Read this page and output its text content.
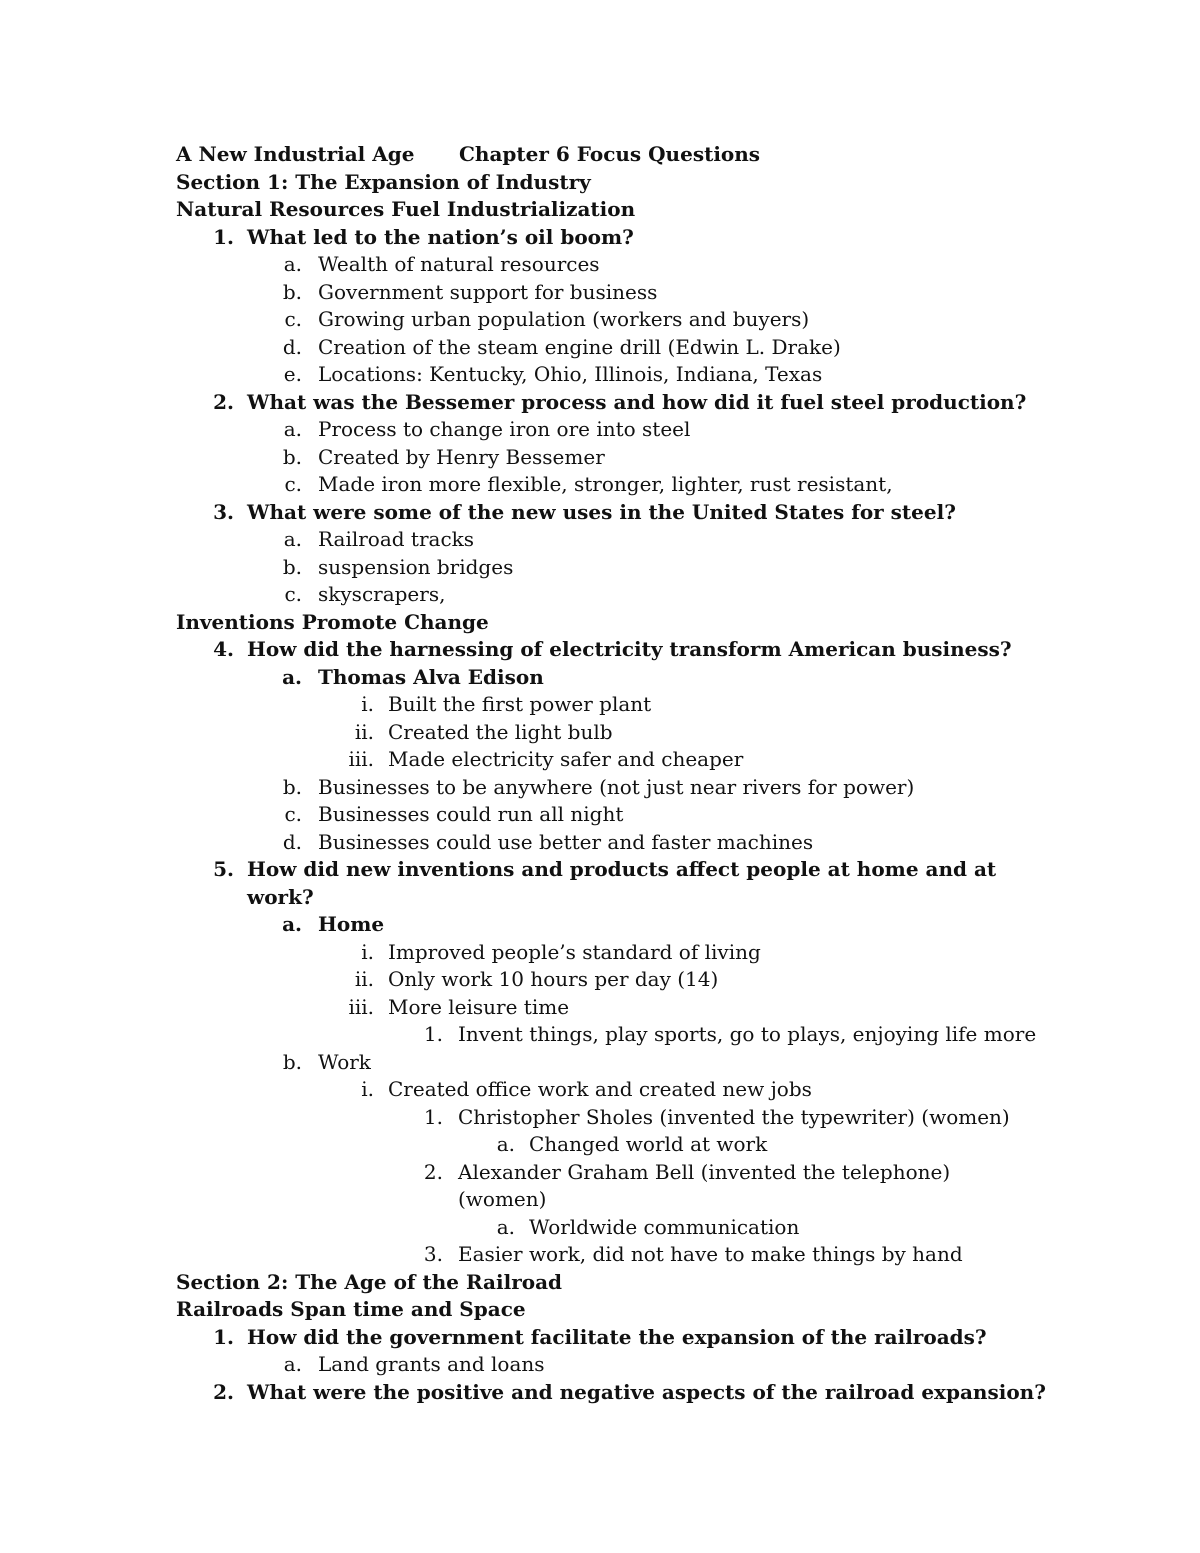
A New Industrial Age Chapter 6 Focus Questions
Section 1: The Expansion of Industry
Natural Resources Fuel Industrialization
1. What led to the nation’s oil boom?
a. Wealth of natural resources
b. Government support for business
c. Growing urban population (workers and buyers)
d. Creation of the steam engine drill (Edwin L. Drake)
e. Locations: Kentucky, Ohio, Illinois, Indiana, Texas
2. What was the Bessemer process and how did it fuel steel production?
a. Process to change iron ore into steel
b. Created by Henry Bessemer
c. Made iron more flexible, stronger, lighter, rust resistant,
3. What were some of the new uses in the United States for steel?
a. Railroad tracks
b. suspension bridges
c. skyscrapers,
Inventions Promote Change
4. How did the harnessing of electricity transform American business?
a. Thomas Alva Edison
i. Built the first power plant
ii. Created the light bulb
iii. Made electricity safer and cheaper
b. Businesses to be anywhere (not just near rivers for power)
c. Businesses could run all night
d. Businesses could use better and faster machines
5. How did new inventions and products affect people at home and at
work?
a. Home
i. Improved people’s standard of living
ii. Only work 10 hours per day (14)
iii. More leisure time
1. Invent things, play sports, go to plays, enjoying life more
b. Work
i. Created office work and created new jobs
1. Christopher Sholes (invented the typewriter) (women)
a. Changed world at work
2. Alexander Graham Bell (invented the telephone)
(women)
a. Worldwide communication
3. Easier work, did not have to make things by hand
Section 2: The Age of the Railroad
Railroads Span time and Space
1. How did the government facilitate the expansion of the railroads?
a. Land grants and loans
2. What were the positive and negative aspects of the railroad expansion?
